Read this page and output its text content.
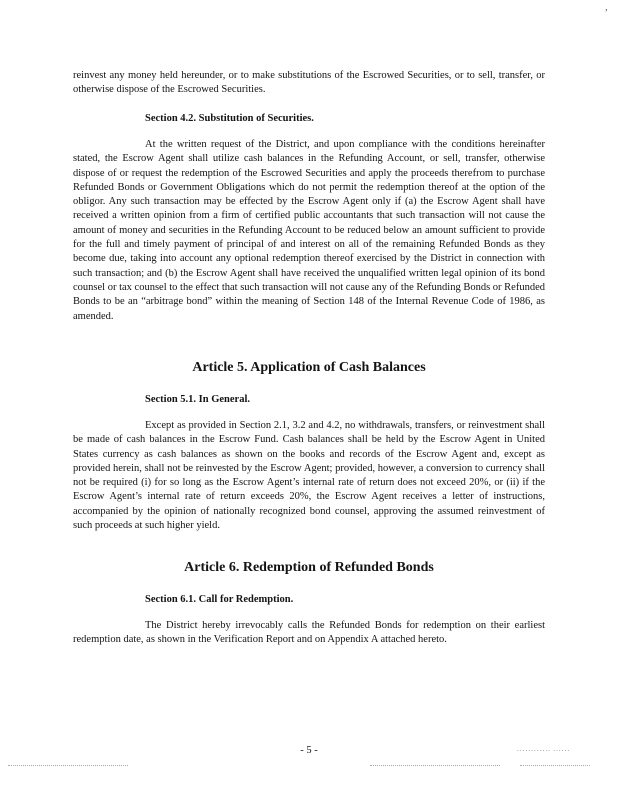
‚
reinvest any money held hereunder, or to make substitutions of the Escrowed Securities, or to sell, transfer, or otherwise dispose of the Escrowed Securities.
Section 4.2. Substitution of Securities.
At the written request of the District, and upon compliance with the conditions hereinafter stated, the Escrow Agent shall utilize cash balances in the Refunding Account, or sell, transfer, otherwise dispose of or request the redemption of the Escrowed Securities and apply the proceeds therefrom to purchase Refunded Bonds or Government Obligations which do not permit the redemption thereof at the option of the obligor. Any such transaction may be effected by the Escrow Agent only if (a) the Escrow Agent shall have received a written opinion from a firm of certified public accountants that such transaction will not cause the amount of money and securities in the Refunding Account to be reduced below an amount sufficient to provide for the full and timely payment of principal of and interest on all of the remaining Refunded Bonds as they become due, taking into account any optional redemption thereof exercised by the District in connection with such transaction; and (b) the Escrow Agent shall have received the unqualified written legal opinion of its bond counsel or tax counsel to the effect that such transaction will not cause any of the Refunding Bonds or Refunded Bonds to be an “arbitrage bond” within the meaning of Section 148 of the Internal Revenue Code of 1986, as amended.
Article 5. Application of Cash Balances
Section 5.1. In General.
Except as provided in Section 2.1, 3.2 and 4.2, no withdrawals, transfers, or reinvestment shall be made of cash balances in the Escrow Fund. Cash balances shall be held by the Escrow Agent in United States currency as cash balances as shown on the books and records of the Escrow Agent and, except as provided herein, shall not be reinvested by the Escrow Agent; provided, however, a conversion to currency shall not be required (i) for so long as the Escrow Agent’s internal rate of return does not exceed 20%, or (ii) if the Escrow Agent’s internal rate of return exceeds 20%, the Escrow Agent receives a letter of instructions, accompanied by the opinion of nationally recognized bond counsel, approving the assumed reinvestment of such proceeds at such higher yield.
Article 6. Redemption of Refunded Bonds
Section 6.1. Call for Redemption.
The District hereby irrevocably calls the Refunded Bonds for redemption on their earliest redemption date, as shown in the Verification Report and on Appendix A attached hereto.
- 5 -	············ ······
